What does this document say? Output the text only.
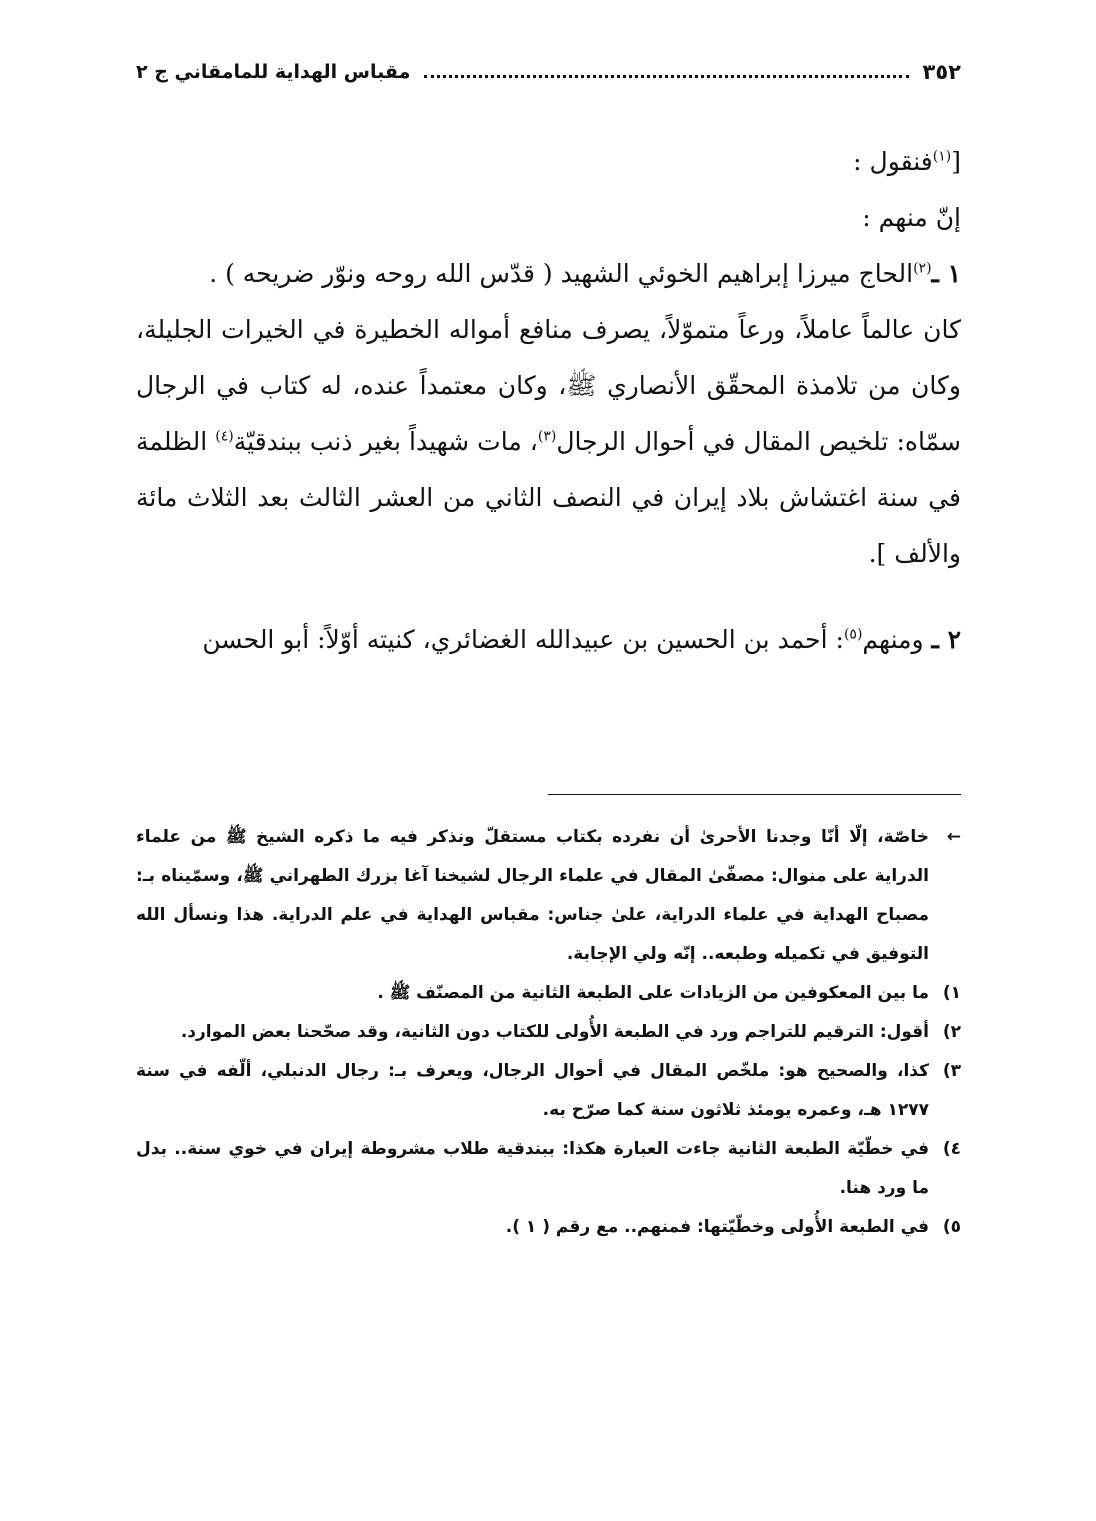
٣٥٢
مقباس الهداية للمامقاني ج ٢

[$^{(١)}$فنقول :

إنّ منهم :

١ ـ$^{(٢)}$الحاج ميرزا إبراهيم الخوئي الشهيد ( قدّس الله روحه ونوّر ضريحه ) .

كان عالماً عاملاً، ورعاً متموّلاً، يصرف منافع أمواله الخطيرة في الخيرات الجليلة، وكان من تلامذة المحقّق الأنصاري ﷺ، وكان معتمداً عنده، له كتاب في الرجال سمّاه: تلخيص المقال في أحوال الرجال$^{(٣)}$، مات شهيداً بغير ذنب ببندقيّة$^{(٤)}$ الظلمة في سنة اغتشاش بلاد إيران في النصف الثاني من العشر الثالث بعد الثلاث مائة والألف ].

٢ ـ ومنهم$^{(٥)}$: أحمد بن الحسين بن عبيدالله الغضائري، كنيته أوّلاً: أبو الحسن

←
خاصّة، إلّا أنّا وجدنا الأحرىٰ أن نفرده بكتاب مستقلّ ونذكر فيه ما ذكره الشيخ ﷺ من علماء الدراية على منوال: مصفّىٰ المقال في علماء الرجال لشيخنا آغا بزرك الطهراني ﷺ، وسمّيناه بـ: مصباح الهداية في علماء الدراية، علىٰ جناس: مقباس الهداية في علم الدراية. هذا ونسأل الله التوفيق في تكميله وطبعه.. إنّه ولي الإجابة.
١)
ما بين المعكوفين من الزيادات على الطبعة الثانية من المصنّف ﷺ .
٢)
أقول: الترقيم للتراجم ورد في الطبعة الأُولى للكتاب دون الثانية، وقد صحّحنا بعض الموارد.
٣)
كذا، والصحيح هو: ملخّص المقال في أحوال الرجال، ويعرف بـ: رجال الدنبلي، ألّفه في سنة ١٢٧٧ هـ، وعمره يومئذ ثلاثون سنة كما صرّح به.
٤)
في خطّيّة الطبعة الثانية جاءت العبارة هكذا: ببندقية طلاب مشروطة إيران في خوي سنة.. بدل ما ورد هنا.
٥)
في الطبعة الأُولى وخطّيّتها: فمنهم.. مع رقم ( ١ ).
